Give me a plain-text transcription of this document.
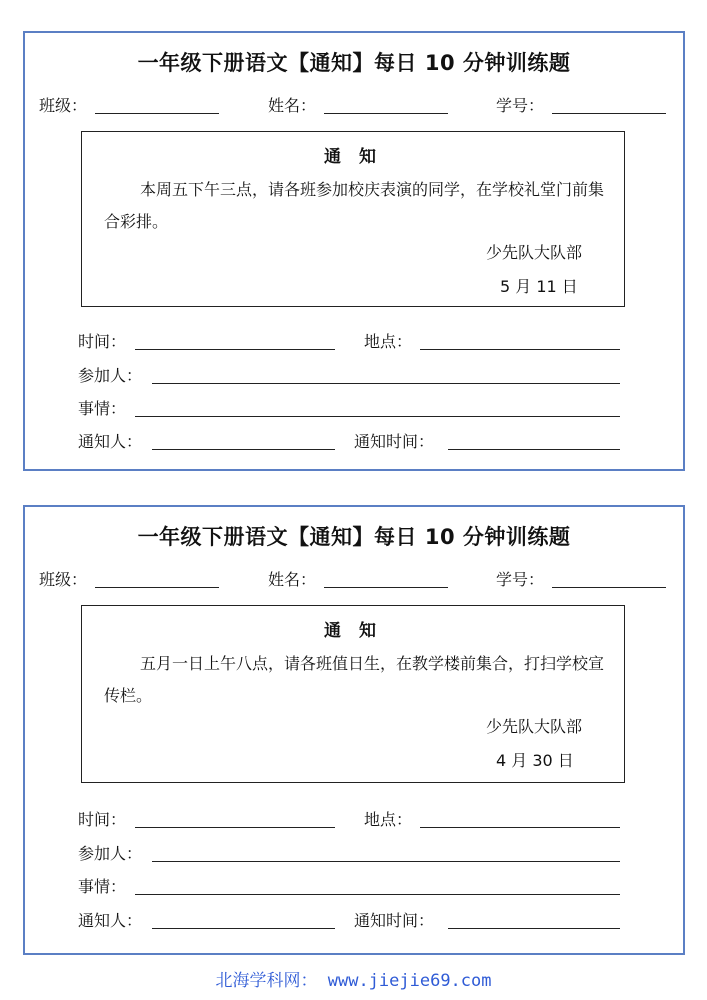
一年级下册语文【通知】每日 10 分钟训练题
班级：	姓名：	学号：
通 知
本周五下午三点，请各班参加校庆表演的同学，在学校礼堂门前集合彩排。
少先队大队部
5 月 11 日
时间：	地点：
参加人：
事情：
通知人：	通知时间：
一年级下册语文【通知】每日 10 分钟训练题
班级：	姓名：	学号：
通 知
五月一日上午八点，请各班值日生，在教学楼前集合，打扫学校宣传栏。
少先队大队部
4 月 30 日
时间：	地点：
参加人：
事情：
通知人：	通知时间：
北海学科网： www.jiejie69.com
